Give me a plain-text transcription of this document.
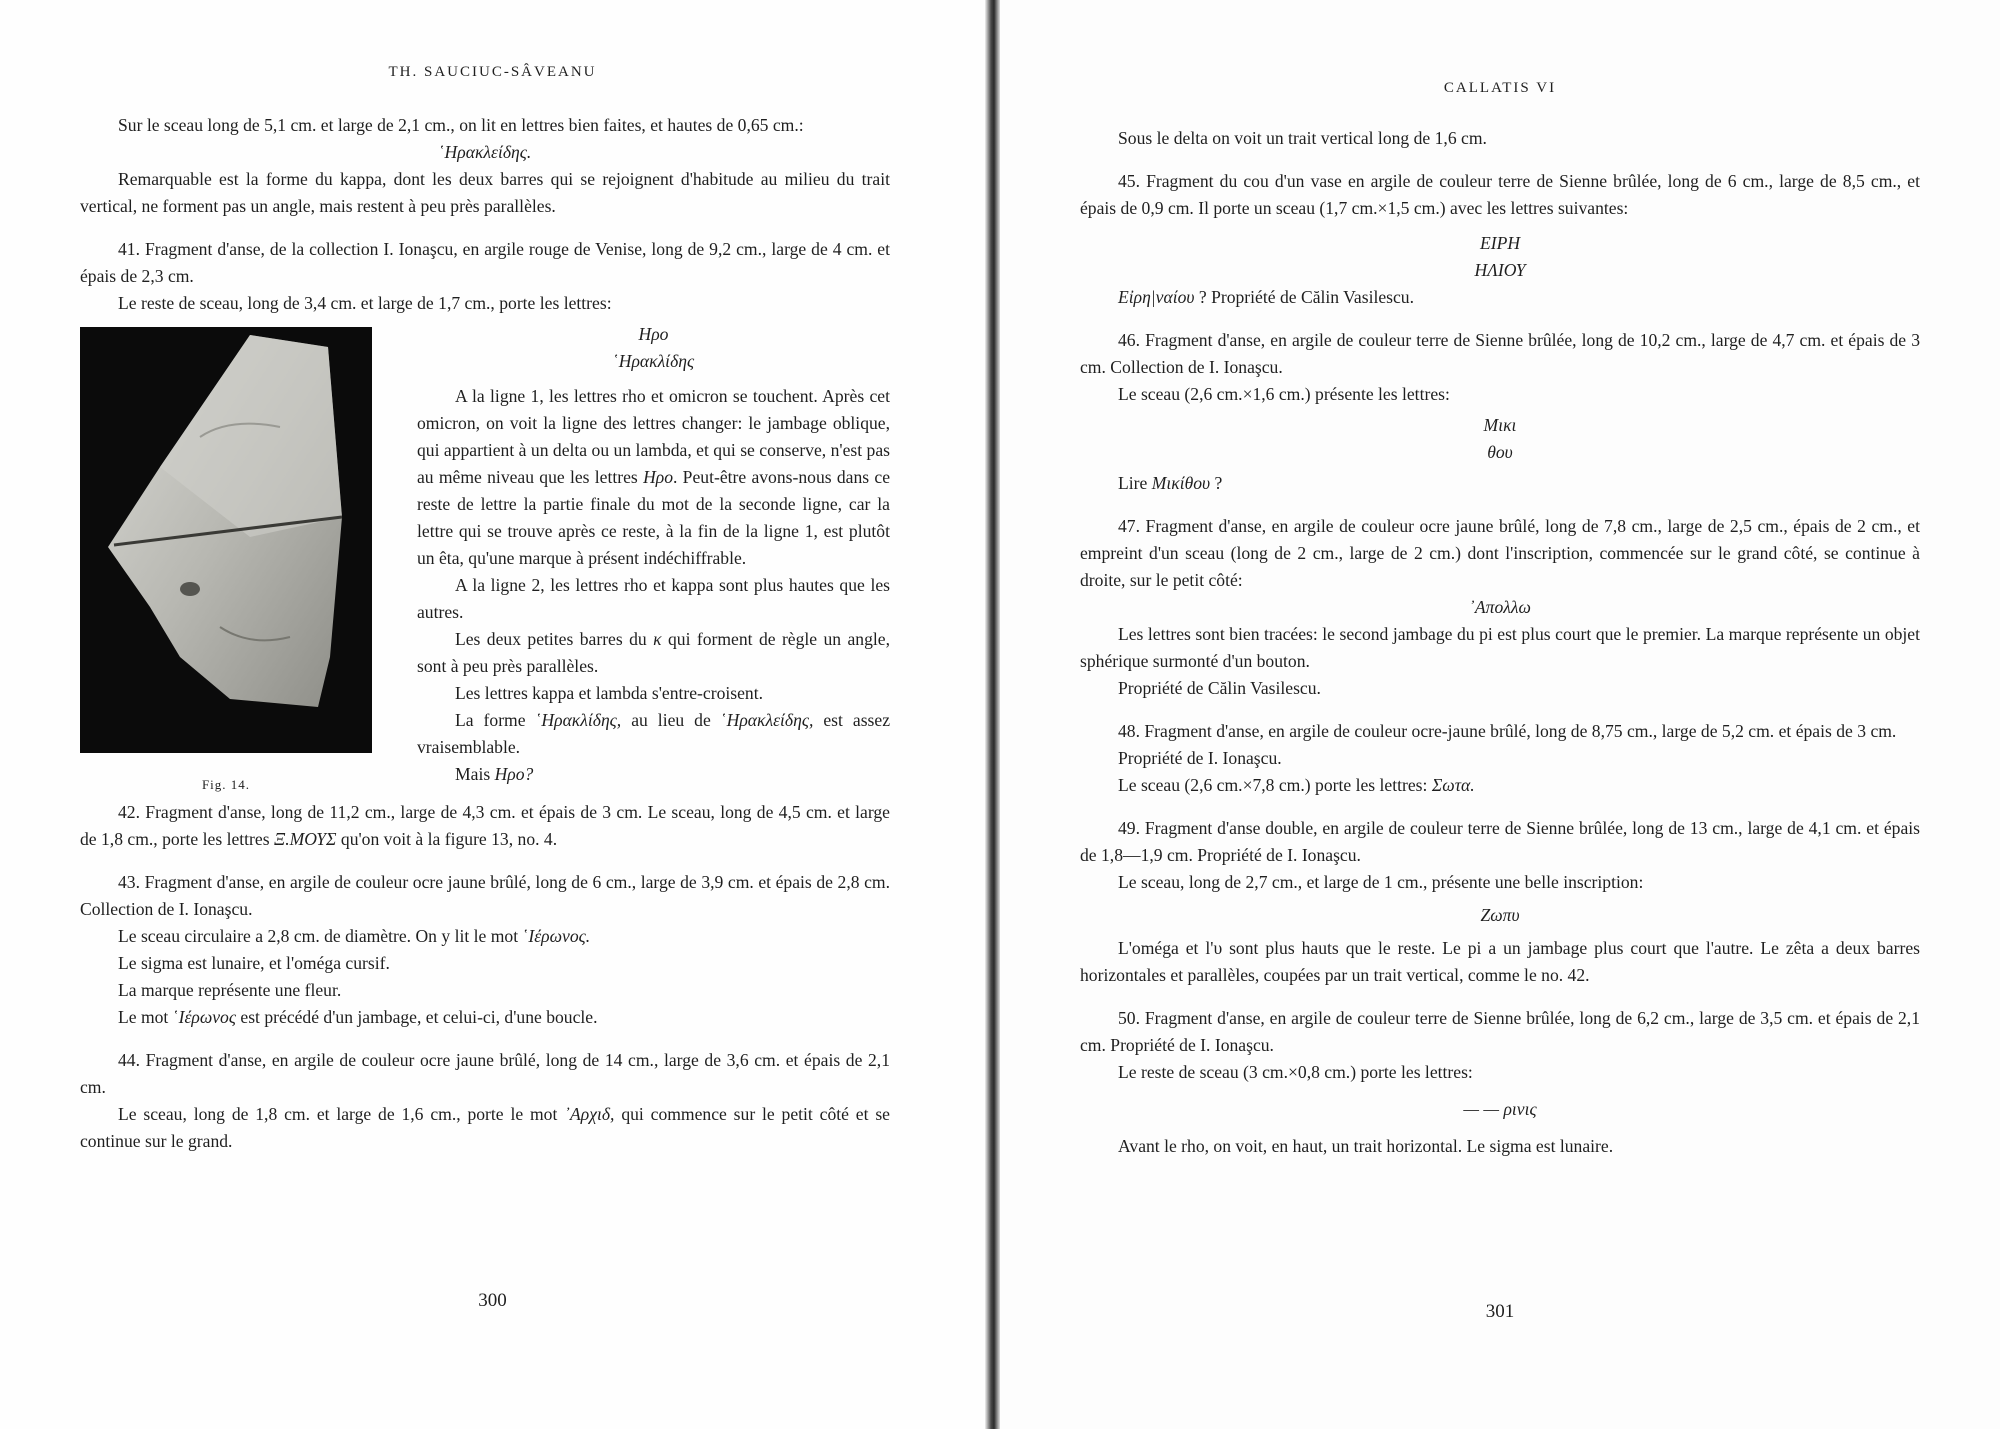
TH. SAUCIUC-SÂVEANU

Sur le sceau long de 5,1 cm. et large de 2,1 cm., on lit en lettres bien faites, et hautes de 0,65 cm.:

῾Ηρακλείδης.

Remarquable est la forme du kappa, dont les deux barres qui se rejoignent d'habitude au milieu du trait vertical, ne forment pas un angle, mais restent à peu près parallèles.

41. Fragment d'anse, de la collection I. Ionaşcu, en argile rouge de Venise, long de 9,2 cm., large de 4 cm. et épais de 2,3 cm.

Le reste de sceau, long de 3,4 cm. et large de 1,7 cm., porte les lettres:

Fig. 14.
Ηρο
῾Ηρακλίδης

A la ligne 1, les lettres rho et omicron se touchent. Après cet omicron, on voit la ligne des lettres changer: le jambage oblique, qui appartient à un delta ou un lambda, et qui se conserve, n'est pas au même niveau que les lettres Ηρο. Peut-être avons-nous dans ce reste de lettre la partie finale du mot de la seconde ligne, car la lettre qui se trouve après ce reste, à la fin de la ligne 1, est plutôt un êta, qu'une marque à présent indéchiffrable.

A la ligne 2, les lettres rho et kappa sont plus hautes que les autres.

Les deux petites barres du κ qui forment de règle un angle, sont à peu près parallèles.

Les lettres kappa et lambda s'entre-croisent.

La forme ῾Ηρακλίδης, au lieu de ῾Ηρακλείδης, est assez vraisemblable.

Mais Ηρο?

42. Fragment d'anse, long de 11,2 cm., large de 4,3 cm. et épais de 3 cm. Le sceau, long de 4,5 cm. et large de 1,8 cm., porte les lettres Ξ.ΜΟΥΣ qu'on voit à la figure 13, no. 4.

43. Fragment d'anse, en argile de couleur ocre jaune brûlé, long de 6 cm., large de 3,9 cm. et épais de 2,8 cm. Collection de I. Ionaşcu.

Le sceau circulaire a 2,8 cm. de diamètre. On y lit le mot ῾Ιέρωνος.

Le sigma est lunaire, et l'oméga cursif.

La marque représente une fleur.

Le mot ῾Ιέρωνος est précédé d'un jambage, et celui-ci, d'une boucle.

44. Fragment d'anse, en argile de couleur ocre jaune brûlé, long de 14 cm., large de 3,6 cm. et épais de 2,1 cm.

Le sceau, long de 1,8 cm. et large de 1,6 cm., porte le mot ᾿Αρχιδ, qui commence sur le petit côté et se continue sur le grand.

300
CALLATIS VI

Sous le delta on voit un trait vertical long de 1,6 cm.

45. Fragment du cou d'un vase en argile de couleur terre de Sienne brûlée, long de 6 cm., large de 8,5 cm., et épais de 0,9 cm. Il porte un sceau (1,7 cm.×1,5 cm.) avec les lettres suivantes:

ΕΙΡΗ
ΗΛΙΟΥ

Εἰρη|ναίου ? Propriété de Călin Vasilescu.

46. Fragment d'anse, en argile de couleur terre de Sienne brûlée, long de 10,2 cm., large de 4,7 cm. et épais de 3 cm. Collection de I. Ionaşcu.

Le sceau (2,6 cm.×1,6 cm.) présente les lettres:

Μικι
θου

Lire Μικίθου ?

47. Fragment d'anse, en argile de couleur ocre jaune brûlé, long de 7,8 cm., large de 2,5 cm., épais de 2 cm., et empreint d'un sceau (long de 2 cm., large de 2 cm.) dont l'inscription, commencée sur le grand côté, se continue à droite, sur le petit côté:

᾿Απολλω

Les lettres sont bien tracées: le second jambage du pi est plus court que le premier. La marque représente un objet sphérique surmonté d'un bouton.

Propriété de Călin Vasilescu.

48. Fragment d'anse, en argile de couleur ocre-jaune brûlé, long de 8,75 cm., large de 5,2 cm. et épais de 3 cm.

Propriété de I. Ionaşcu.

Le sceau (2,6 cm.×7,8 cm.) porte les lettres: Σωτα.

49. Fragment d'anse double, en argile de couleur terre de Sienne brûlée, long de 13 cm., large de 4,1 cm. et épais de 1,8—1,9 cm. Propriété de I. Ionaşcu.

Le sceau, long de 2,7 cm., et large de 1 cm., présente une belle inscription:

Ζωπυ

L'oméga et l'υ sont plus hauts que le reste. Le pi a un jambage plus court que l'autre. Le zêta a deux barres horizontales et parallèles, coupées par un trait vertical, comme le no. 42.

50. Fragment d'anse, en argile de couleur terre de Sienne brûlée, long de 6,2 cm., large de 3,5 cm. et épais de 2,1 cm. Propriété de I. Ionaşcu.

Le reste de sceau (3 cm.×0,8 cm.) porte les lettres:

— — ρινις

Avant le rho, on voit, en haut, un trait horizontal. Le sigma est lunaire.

301
